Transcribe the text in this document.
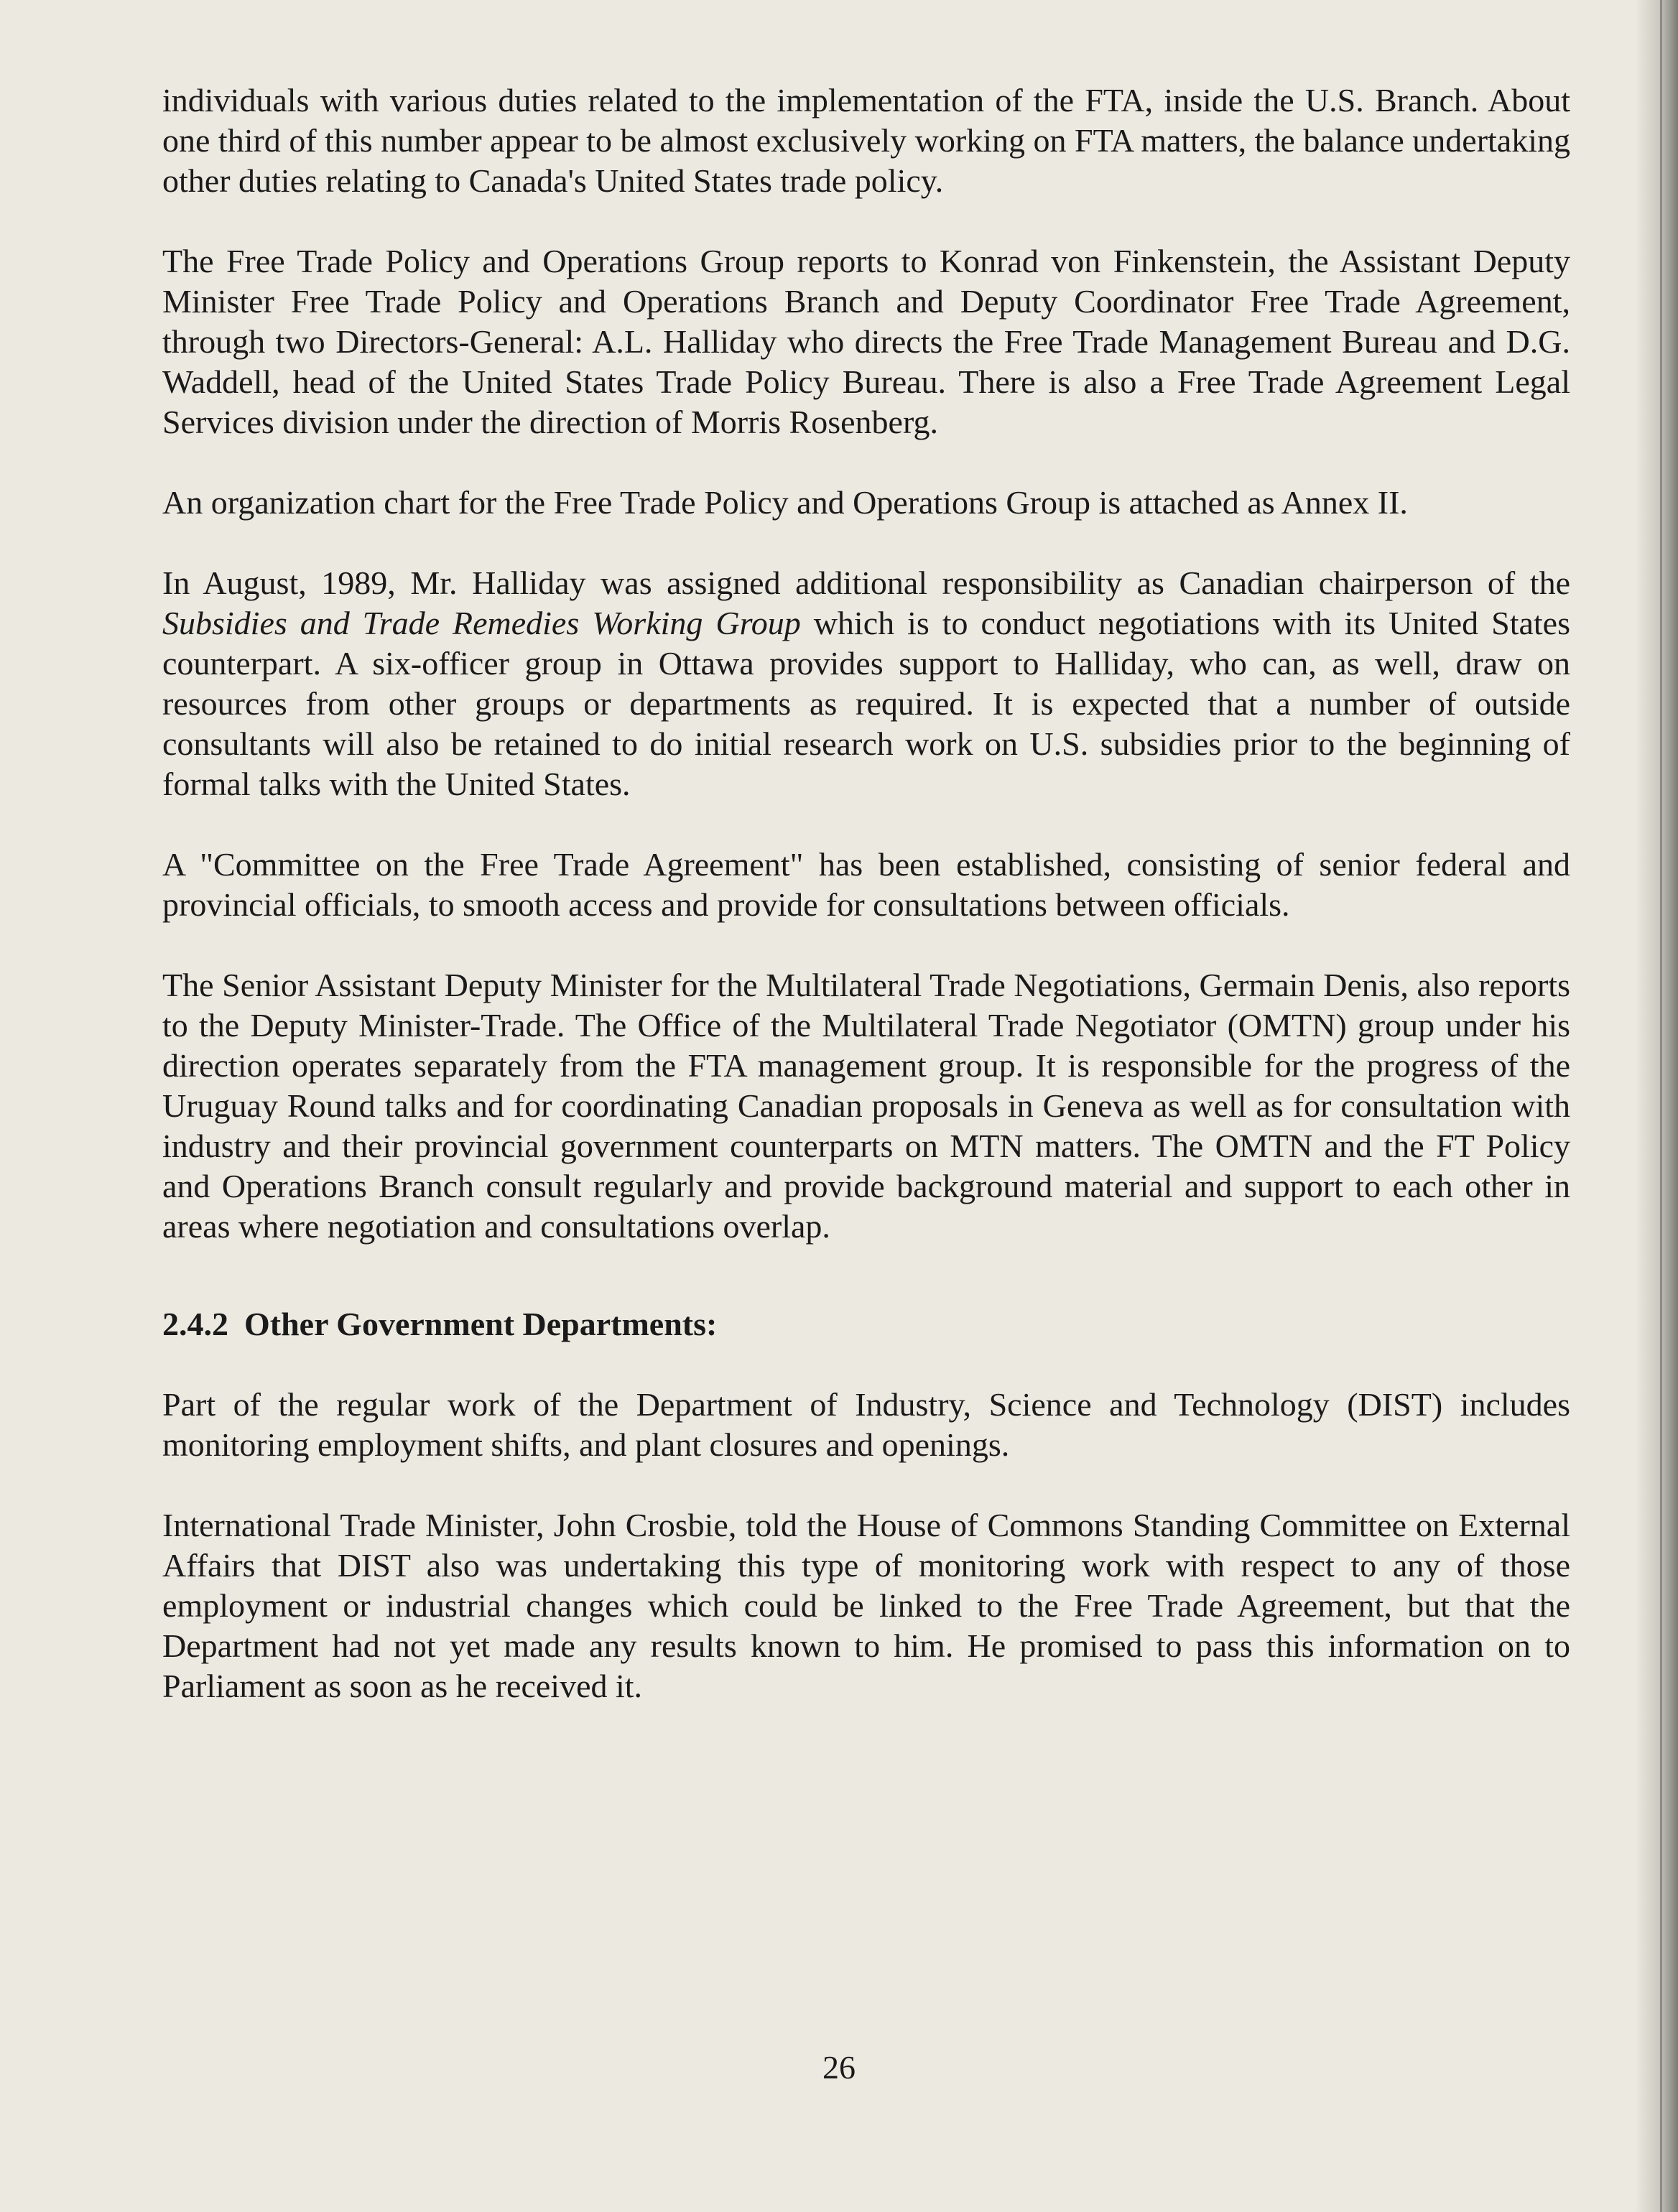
individuals with various duties related to the implementation of the FTA, inside the U.S. Branch. About one third of this number appear to be almost exclusively working on FTA matters, the balance undertaking other duties relating to Canada's United States trade policy.

The Free Trade Policy and Operations Group reports to Konrad von Finkenstein, the Assistant Deputy Minister Free Trade Policy and Operations Branch and Deputy Coordinator Free Trade Agreement, through two Directors-General: A.L. Halliday who directs the Free Trade Management Bureau and D.G. Waddell, head of the United States Trade Policy Bureau. There is also a Free Trade Agreement Legal Services division under the direction of Morris Rosenberg.

An organization chart for the Free Trade Policy and Operations Group is attached as Annex II.

In August, 1989, Mr. Halliday was assigned additional responsibility as Canadian chairperson of the Subsidies and Trade Remedies Working Group which is to conduct negotiations with its United States counterpart. A six-officer group in Ottawa provides support to Halliday, who can, as well, draw on resources from other groups or departments as required. It is expected that a number of outside consultants will also be retained to do initial research work on U.S. subsidies prior to the beginning of formal talks with the United States.

A "Committee on the Free Trade Agreement" has been established, consisting of senior federal and provincial officials, to smooth access and provide for consultations between officials.

The Senior Assistant Deputy Minister for the Multilateral Trade Negotiations, Germain Denis, also reports to the Deputy Minister-Trade. The Office of the Multilateral Trade Negotiator (OMTN) group under his direction operates separately from the FTA management group. It is responsible for the progress of the Uruguay Round talks and for coordinating Canadian proposals in Geneva as well as for consultation with industry and their provincial government counterparts on MTN matters. The OMTN and the FT Policy and Operations Branch consult regularly and provide background material and support to each other in areas where negotiation and consultations overlap.

2.4.2 Other Government Departments:

Part of the regular work of the Department of Industry, Science and Technology (DIST) includes monitoring employment shifts, and plant closures and openings.

International Trade Minister, John Crosbie, told the House of Commons Standing Committee on External Affairs that DIST also was undertaking this type of monitoring work with respect to any of those employment or industrial changes which could be linked to the Free Trade Agreement, but that the Department had not yet made any results known to him. He promised to pass this information on to Parliament as soon as he received it.

26
